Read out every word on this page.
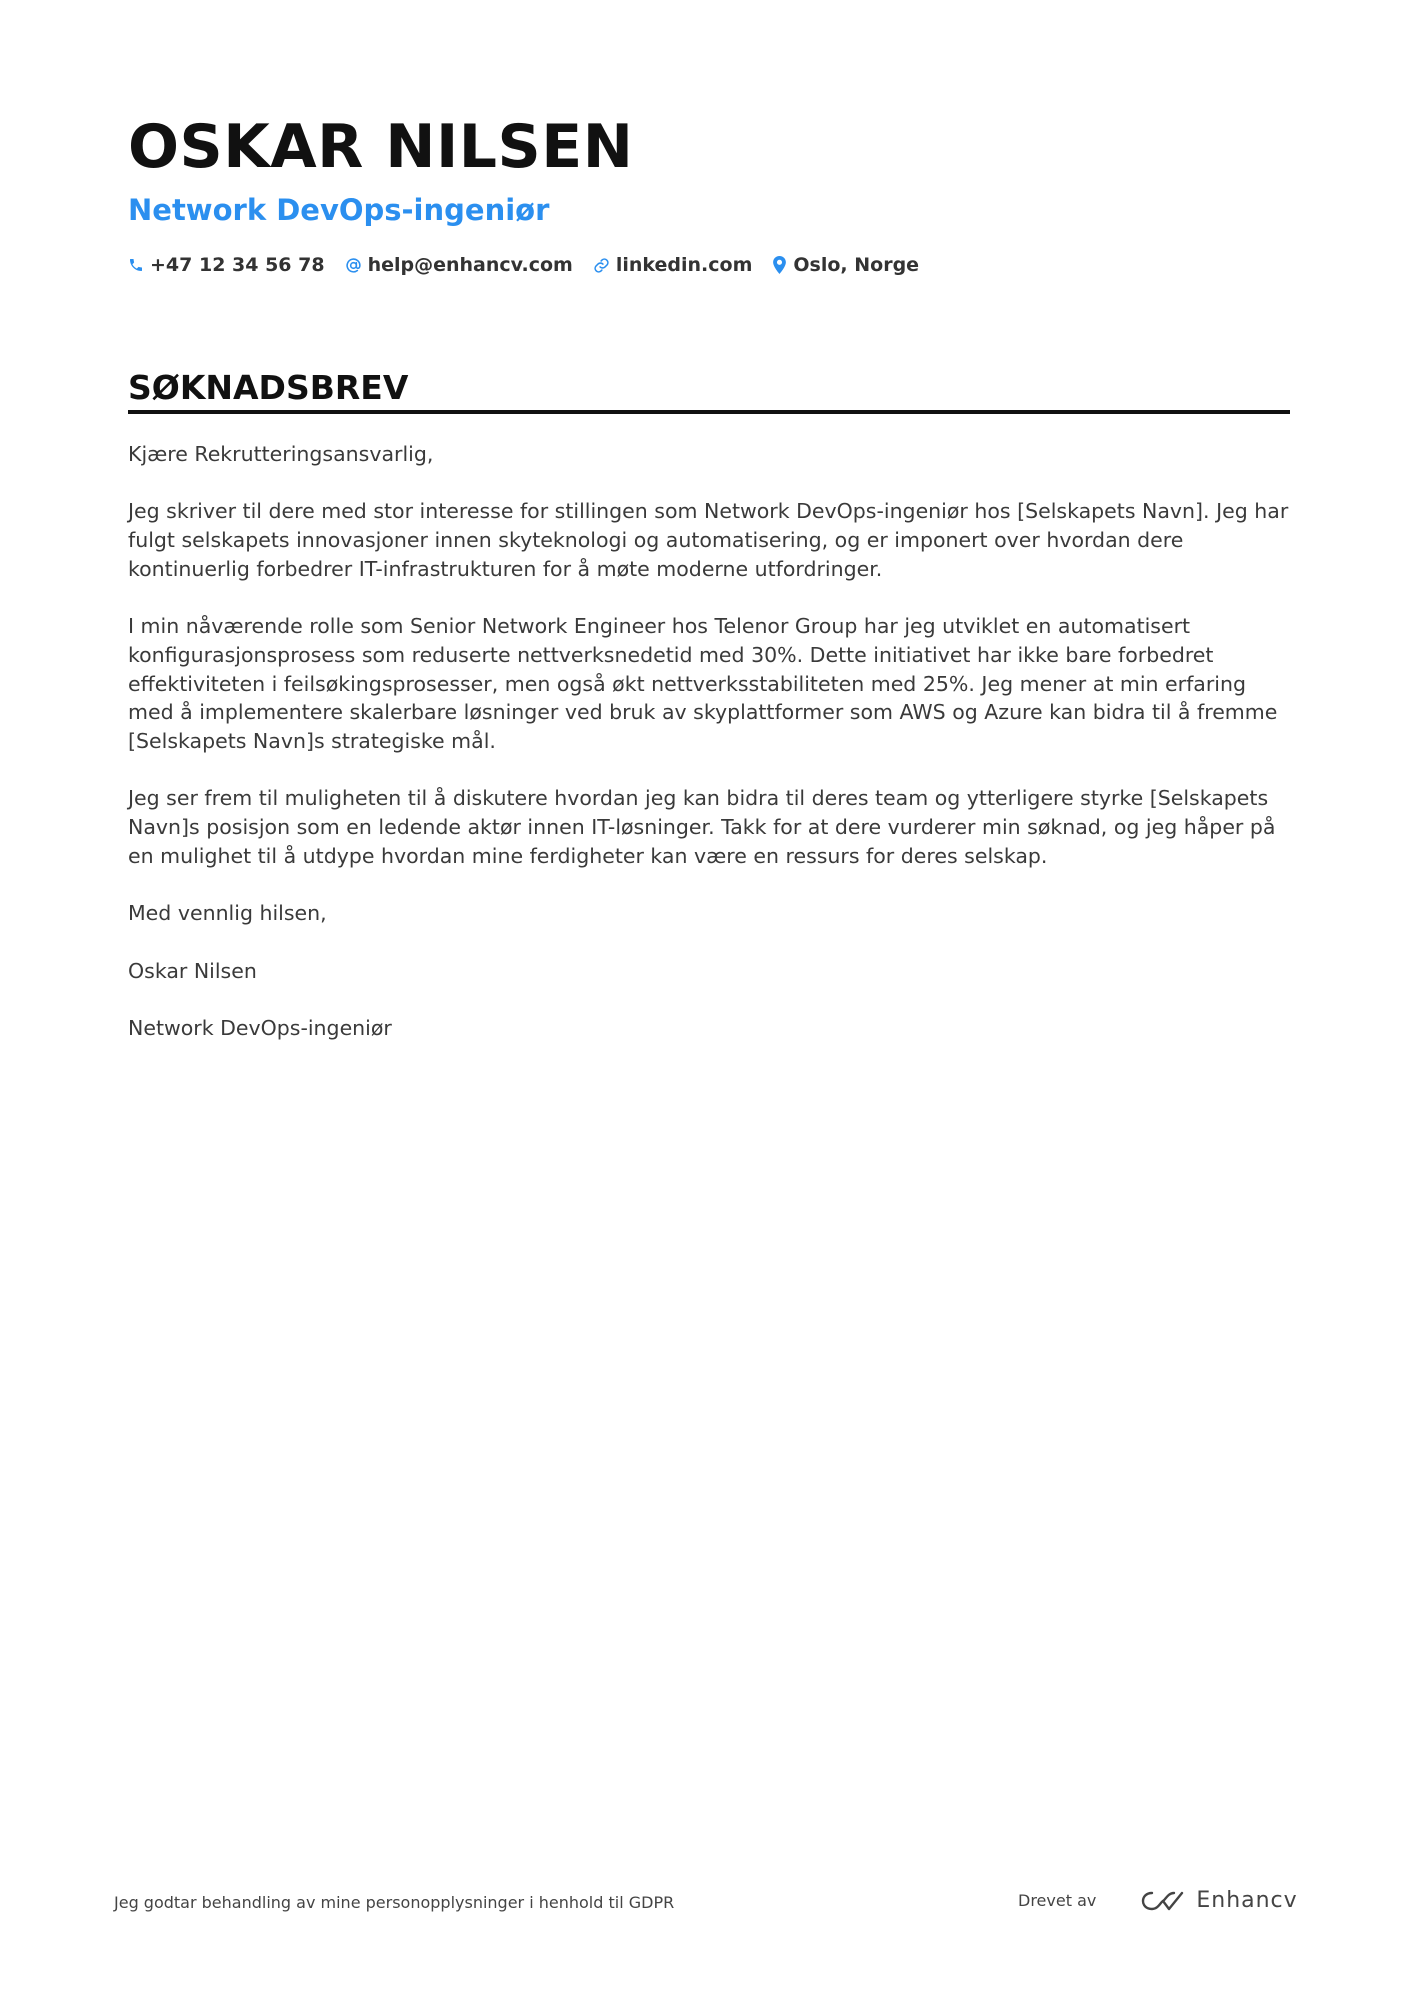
OSKAR NILSEN
Network DevOps-ingeniør
+47 12 34 56 78 help@enhancv.com linkedin.com Oslo, Norge
SØKNADSBREV

Kjære Rekrutteringsansvarlig,

Jeg skriver til dere med stor interesse for stillingen som Network DevOps-ingeniør hos [Selskapets Navn]. Jeg har fulgt selskapets innovasjoner innen skyteknologi og automatisering, og er imponert over hvordan dere kontinuerlig forbedrer IT-infrastrukturen for å møte moderne utfordringer.

I min nåværende rolle som Senior Network Engineer hos Telenor Group har jeg utviklet en automatisert konfigurasjonsprosess som reduserte nettverksnedetid med 30%. Dette initiativet har ikke bare forbedret effektiviteten i feilsøkingsprosesser, men også økt nettverksstabiliteten med 25%. Jeg mener at min erfaring med å implementere skalerbare løsninger ved bruk av skyplattformer som AWS og Azure kan bidra til å fremme [Selskapets Navn]s strategiske mål.

Jeg ser frem til muligheten til å diskutere hvordan jeg kan bidra til deres team og ytterligere styrke [Selskapets Navn]s posisjon som en ledende aktør innen IT-løsninger. Takk for at dere vurderer min søknad, og jeg håper på en mulighet til å utdype hvordan mine ferdigheter kan være en ressurs for deres selskap.

Med vennlig hilsen,

Oskar Nilsen

Network DevOps-ingeniør

Jeg godtar behandling av mine personopplysninger i henhold til GDPR	Drevet av	Enhancv
